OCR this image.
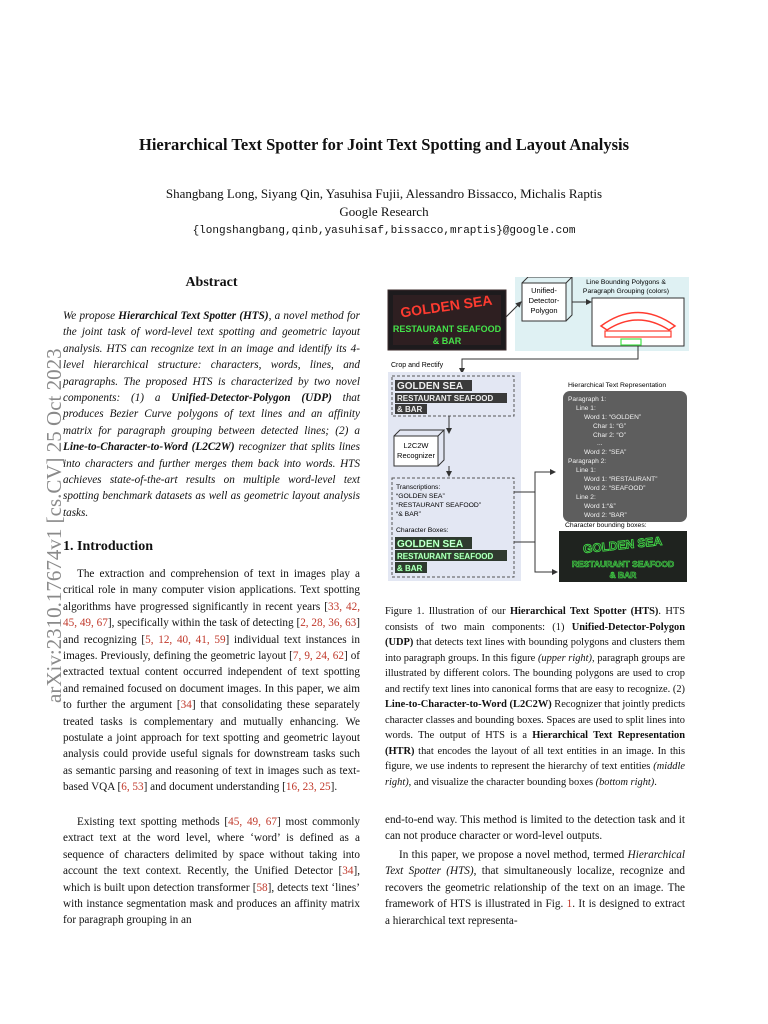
Hierarchical Text Spotter for Joint Text Spotting and Layout Analysis
Shangbang Long, Siyang Qin, Yasuhisa Fujii, Alessandro Bissacco, Michalis Raptis
Google Research
{longshangbang,qinb,yasuhisaf,bissacco,mraptis}@google.com
arXiv:2310.17674v1 [cs.CV] 25 Oct 2023
Abstract

We propose Hierarchical Text Spotter (HTS), a novel method for the joint task of word-level text spotting and geometric layout analysis. HTS can recognize text in an image and identify its 4-level hierarchical structure: characters, words, lines, and paragraphs. The proposed HTS is characterized by two novel components: (1) a Unified-Detector-Polygon (UDP) that produces Bezier Curve polygons of text lines and an affinity matrix for paragraph grouping between detected lines; (2) a Line-to-Character-to-Word (L2C2W) recognizer that splits lines into characters and further merges them back into words. HTS achieves state-of-the-art results on multiple word-level text spotting benchmark datasets as well as geometric layout analysis tasks.

1. Introduction

The extraction and comprehension of text in images play a critical role in many computer vision applications. Text spotting algorithms have progressed significantly in recent years [33, 42, 45, 49, 67], specifically within the task of detecting [2, 28, 36, 63] and recognizing [5, 12, 40, 41, 59] individual text instances in images. Previously, defining the geometric layout [7, 9, 24, 62] of extracted textual content occurred independent of text spotting and remained focused on document images. In this paper, we aim to further the argument [34] that consolidating these separately treated tasks is complementary and mutually enhancing. We postulate a joint approach for text spotting and geometric layout analysis could provide useful signals for downstream tasks such as semantic parsing and reasoning of text in images such as text-based VQA [6, 53] and document understanding [16, 23, 25].

Existing text spotting methods [45, 49, 67] most commonly extract text at the word level, where ‘word’ is defined as a sequence of characters delimited by space without taking into account the text context. Recently, the Unified Detector [34], which is built upon detection transformer [58], detects text ‘lines’ with instance segmentation mask and produces an affinity matrix for paragraph grouping in an

GOLDEN SEA
RESTAURANT SEAFOOD
& BAR
Unified-
Detector-
Polygon
Line Bounding Polygons &
Paragraph Grouping (colors)
Crop and Rectify
GOLDEN SEA
RESTAURANT SEAFOOD
& BAR
L2C2W
Recognizer
Transcriptions:
“GOLDEN SEA”
“RESTAURANT SEAFOOD”
“& BAR”
Character Boxes:
GOLDEN SEA
RESTAURANT SEAFOOD
& BAR
Hierarchical Text Representation
Paragraph 1:
Line 1:
Word 1: “GOLDEN”
Char 1: “G”
Char 2: “O”
...
Word 2: “SEA”
Paragraph 2:
Line 1:
Word 1: “RESTAURANT”
Word 2: “SEAFOOD”
Line 2:
Word 1:“&”
Word 2: “BAR”
Character bounding boxes:
GOLDEN SEA
RESTAURANT SEAFOOD
& BAR

Figure 1. Illustration of our Hierarchical Text Spotter (HTS). HTS consists of two main components: (1) Unified-Detector-Polygon (UDP) that detects text lines with bounding polygons and clusters them into paragraph groups. In this figure (upper right), paragraph groups are illustrated by different colors. The bounding polygons are used to crop and rectify text lines into canonical forms that are easy to recognize. (2) Line-to-Character-to-Word (L2C2W) Recognizer that jointly predicts character classes and bounding boxes. Spaces are used to split lines into words. The output of HTS is a Hierarchical Text Representation (HTR) that encodes the layout of all text entities in an image. In this figure, we use indents to represent the hierarchy of text entities (middle right), and visualize the character bounding boxes (bottom right).

end-to-end way. This method is limited to the detection task and it can not produce character or word-level outputs.

In this paper, we propose a novel method, termed Hierarchical Text Spotter (HTS), that simultaneously localize, recognize and recovers the geometric relationship of the text on an image. The framework of HTS is illustrated in Fig. 1. It is designed to extract a hierarchical text representa-
